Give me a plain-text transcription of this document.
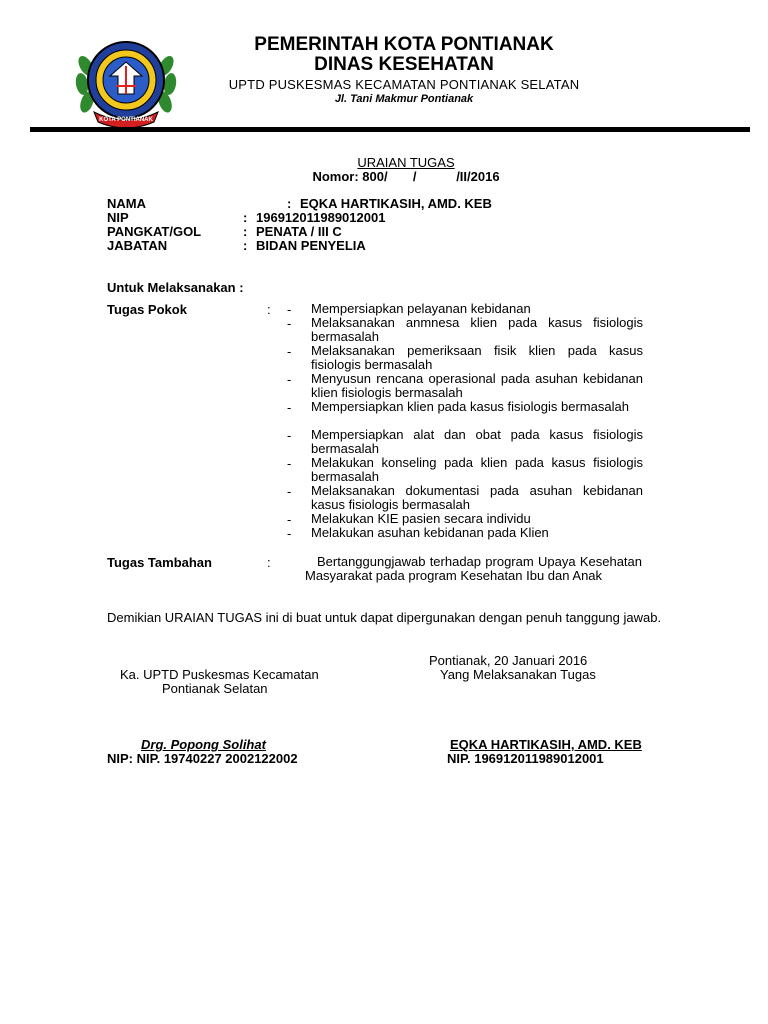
KOTA PONTIANAK
PEMERINTAH KOTA PONTIANAK
DINAS KESEHATAN
UPTD PUSKESMAS KECAMATAN PONTIANAK SELATAN
Jl. Tani Makmur Pontianak
URAIAN TUGAS
Nomor: 800/       /           /II/2016
NAMA	: EQKA HARTIKASIH, AMD. KEB
NIP	: 196912011989012001
PANGKAT/GOL	: PENATA / III C
JABATAN	: BIDAN PENYELIA
Untuk Melaksanakan :
Tugas Pokok	: - Mempersiapkan pelayanan kebidanan
- Melaksanakan anmnesa klien pada kasus fisiologis bermasalah
- Melaksanakan pemeriksaan fisik klien pada kasus fisiologis bermasalah
- Menyusun rencana operasional pada asuhan kebidanan klien fisiologis bermasalah
- Mempersiapkan klien pada kasus fisiologis bermasalah
- Mempersiapkan alat dan obat pada kasus fisiologis bermasalah
- Melakukan konseling pada klien pada kasus fisiologis bermasalah
- Melaksanakan dokumentasi pada asuhan kebidanan kasus fisiologis bermasalah
- Melakukan KIE pasien secara individu
- Melakukan asuhan kebidanan pada Klien
Tugas Tambahan	:	Bertanggungjawab terhadap program Upaya Kesehatan Masyarakat pada program Kesehatan Ibu dan Anak
Demikian URAIAN TUGAS ini di buat untuk dapat dipergunakan dengan penuh tanggung jawab.
Pontianak, 20 Januari 2016
Ka. UPTD Puskesmas Kecamatan	Yang Melaksanakan Tugas
Pontianak Selatan
Drg. Popong Solihat	EQKA HARTIKASIH, AMD. KEB
NIP: NIP. 19740227 2002122002	NIP. 196912011989012001
